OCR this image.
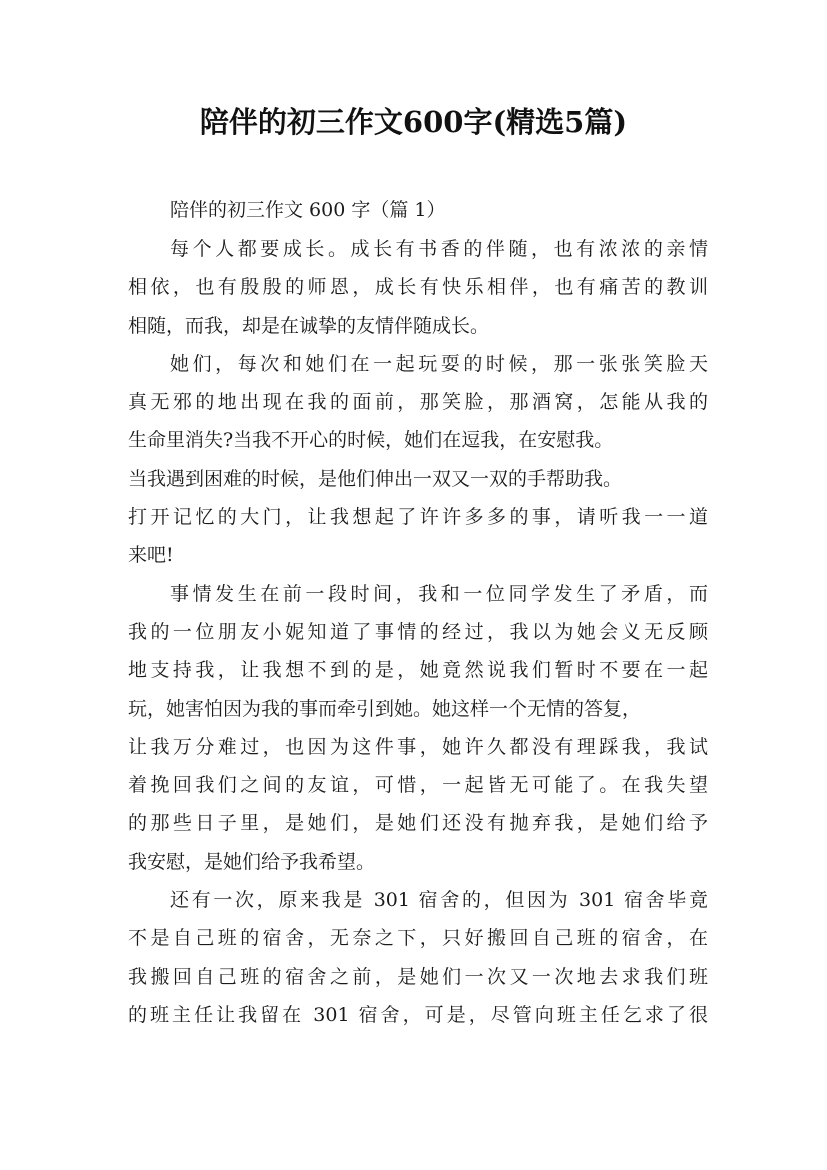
陪伴的初三作文600字(精选5篇)

陪伴的初三作文 600 字（篇 1）

每个人都要成长。成长有书香的伴随，也有浓浓的亲情
相依，也有殷殷的师恩，成长有快乐相伴，也有痛苦的教训
相随，而我，却是在诚挚的友情伴随成长。
她们，每次和她们在一起玩耍的时候，那一张张笑脸天
真无邪的地出现在我的面前，那笑脸，那酒窝，怎能从我的
生命里消失?当我不开心的时候，她们在逗我，在安慰我。
当我遇到困难的时候，是他们伸出一双又一双的手帮助我。
打开记忆的大门，让我想起了许许多多的事，请听我一一道
来吧!
事情发生在前一段时间，我和一位同学发生了矛盾，而
我的一位朋友小妮知道了事情的经过，我以为她会义无反顾
地支持我，让我想不到的是，她竟然说我们暂时不要在一起
玩，她害怕因为我的事而牵引到她。她这样一个无情的答复，
让我万分难过，也因为这件事，她许久都没有理踩我，我试
着挽回我们之间的友谊，可惜，一起皆无可能了。在我失望
的那些日子里，是她们，是她们还没有抛弃我，是她们给予
我安慰，是她们给予我希望。
还有一次，原来我是 301 宿舍的，但因为 301 宿舍毕竟
不是自己班的宿舍，无奈之下，只好搬回自己班的宿舍，在
我搬回自己班的宿舍之前，是她们一次又一次地去求我们班
的班主任让我留在 301 宿舍，可是，尽管向班主任乞求了很
